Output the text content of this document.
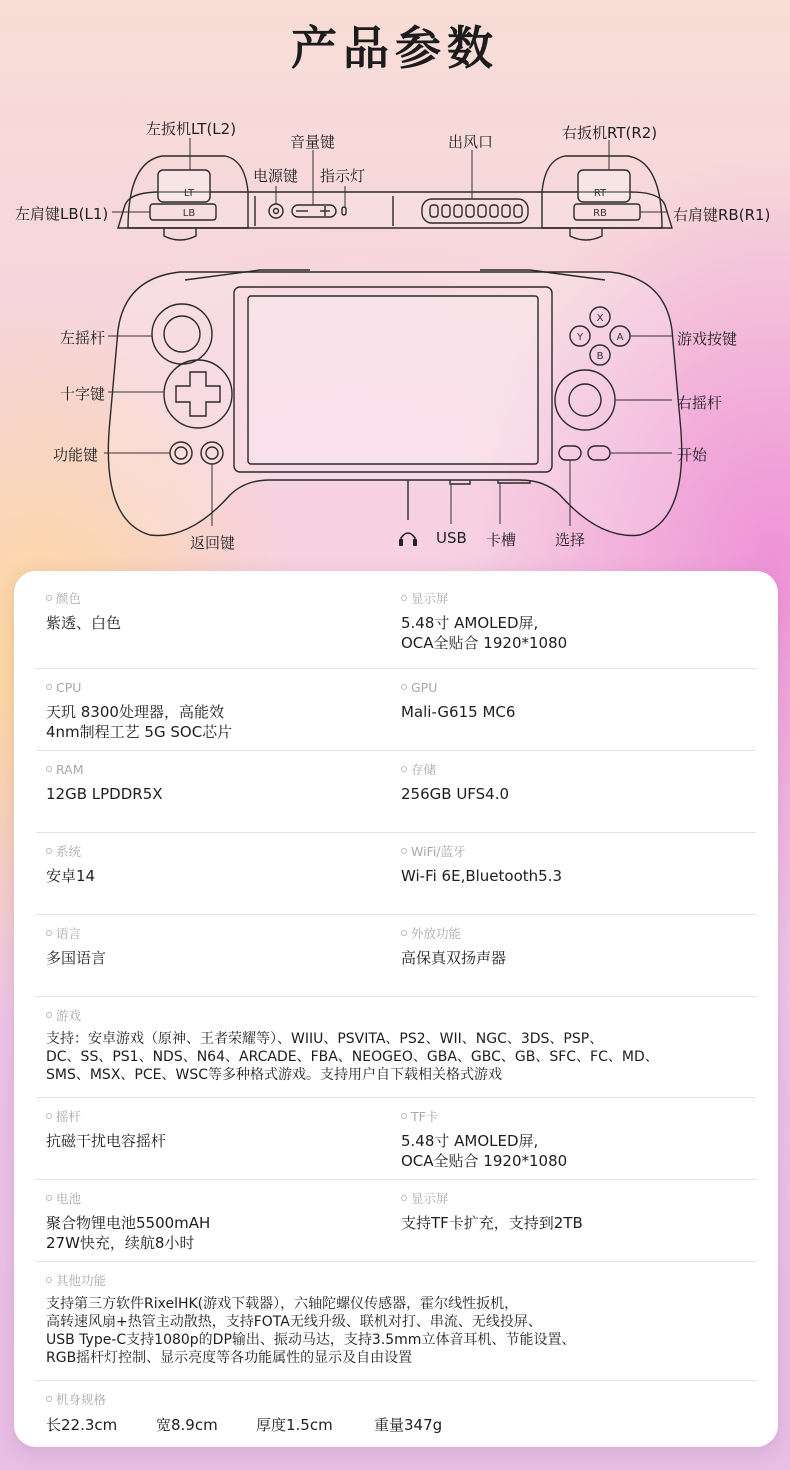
产品参数
LT
LB
RT
RB
X
Y	A
B
左扳机LT(L2)
音量键
电源键 指示灯
出风口	右扳机RT(R2)
左肩键LB(L1)	右肩键RB(R1)
左摇杆
十字键
功能键
返回键
游戏按键
右摇杆
开始
USB 卡槽	选择
颜色
紫透、白色
显示屏
5.48寸 AMOLED屏,
OCA全贴合 1920*1080
CPU
天玑 8300处理器，高能效
4nm制程工艺 5G SOC芯片
GPU
Mali-G615 MC6
RAM
12GB LPDDR5X
存储
256GB UFS4.0
系统
安卓14
WiFi/蓝牙
Wi-Fi 6E,Bluetooth5.3
语言
多国语言
外放功能
高保真双扬声器
游戏
支持：安卓游戏（原神、王者荣耀等）、WIIU、PSVITA、PS2、WII、NGC、3DS、PSP、
DC、SS、PS1、NDS、N64、ARCADE、FBA、NEOGEO、GBA、GBC、GB、SFC、FC、MD、
SMS、MSX、PCE、WSC等多种格式游戏。支持用户自下载相关格式游戏
摇杆
抗磁干扰电容摇杆
TF卡
5.48寸 AMOLED屏,
OCA全贴合 1920*1080
电池
聚合物锂电池5500mAH
27W快充，续航8小时
显示屏
支持TF卡扩充，支持到2TB
其他功能
支持第三方软件RixelHK(游戏下载器），六轴陀螺仪传感器，霍尔线性扳机，
高转速风扇+热管主动散热，支持FOTA无线升级、联机对打、串流、无线投屏、
USB Type-C支持1080p的DP输出、振动马达，支持3.5mm立体音耳机、节能设置、
RGB摇杆灯控制、显示亮度等各功能属性的显示及自由设置
机身规格
长22.3cm	宽8.9cm	厚度1.5cm	重量347g
